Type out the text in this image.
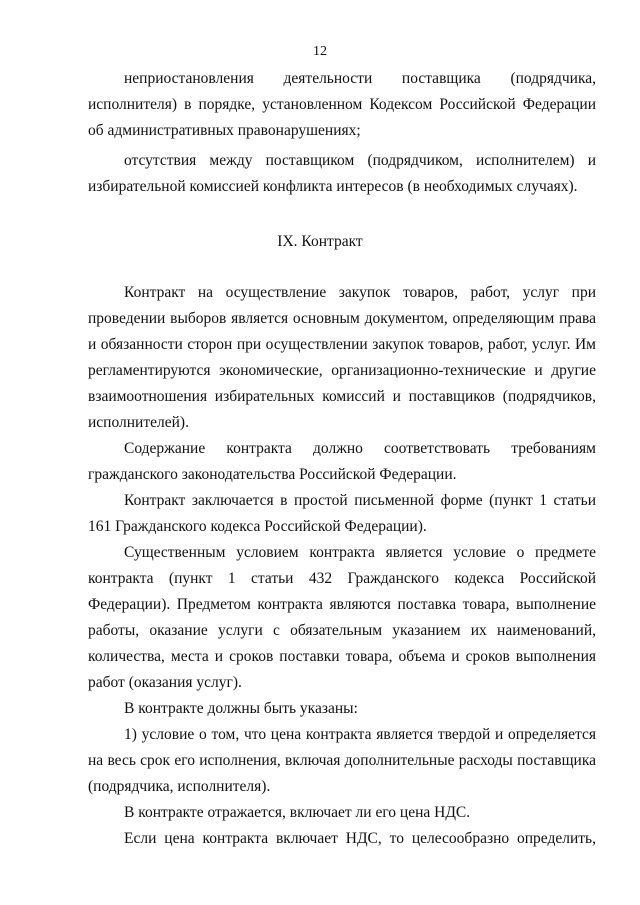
12
неприостановления деятельности поставщика (подрядчика, исполнителя) в порядке, установленном Кодексом Российской Федерации об административных правонарушениях;
отсутствия между поставщиком (подрядчиком, исполнителем) и избирательной комиссией конфликта интересов (в необходимых случаях).
IX. Контракт
Контракт на осуществление закупок товаров, работ, услуг при проведении выборов является основным документом, определяющим права и обязанности сторон при осуществлении закупок товаров, работ, услуг. Им регламентируются экономические, организационно-технические и другие взаимоотношения избирательных комиссий и поставщиков (подрядчиков, исполнителей).
Содержание контракта должно соответствовать требованиям гражданского законодательства Российской Федерации.
Контракт заключается в простой письменной форме (пункт 1 статьи 161 Гражданского кодекса Российской Федерации).
Существенным условием контракта является условие о предмете контракта (пункт 1 статьи 432 Гражданского кодекса Российской Федерации). Предметом контракта являются поставка товара, выполнение работы, оказание услуги с обязательным указанием их наименований, количества, места и сроков поставки товара, объема и сроков выполнения работ (оказания услуг).
В контракте должны быть указаны:
1) условие о том, что цена контракта является твердой и определяется на весь срок его исполнения, включая дополнительные расходы поставщика (подрядчика, исполнителя).
В контракте отражается, включает ли его цена НДС.
Если цена контракта включает НДС, то целесообразно определить,
